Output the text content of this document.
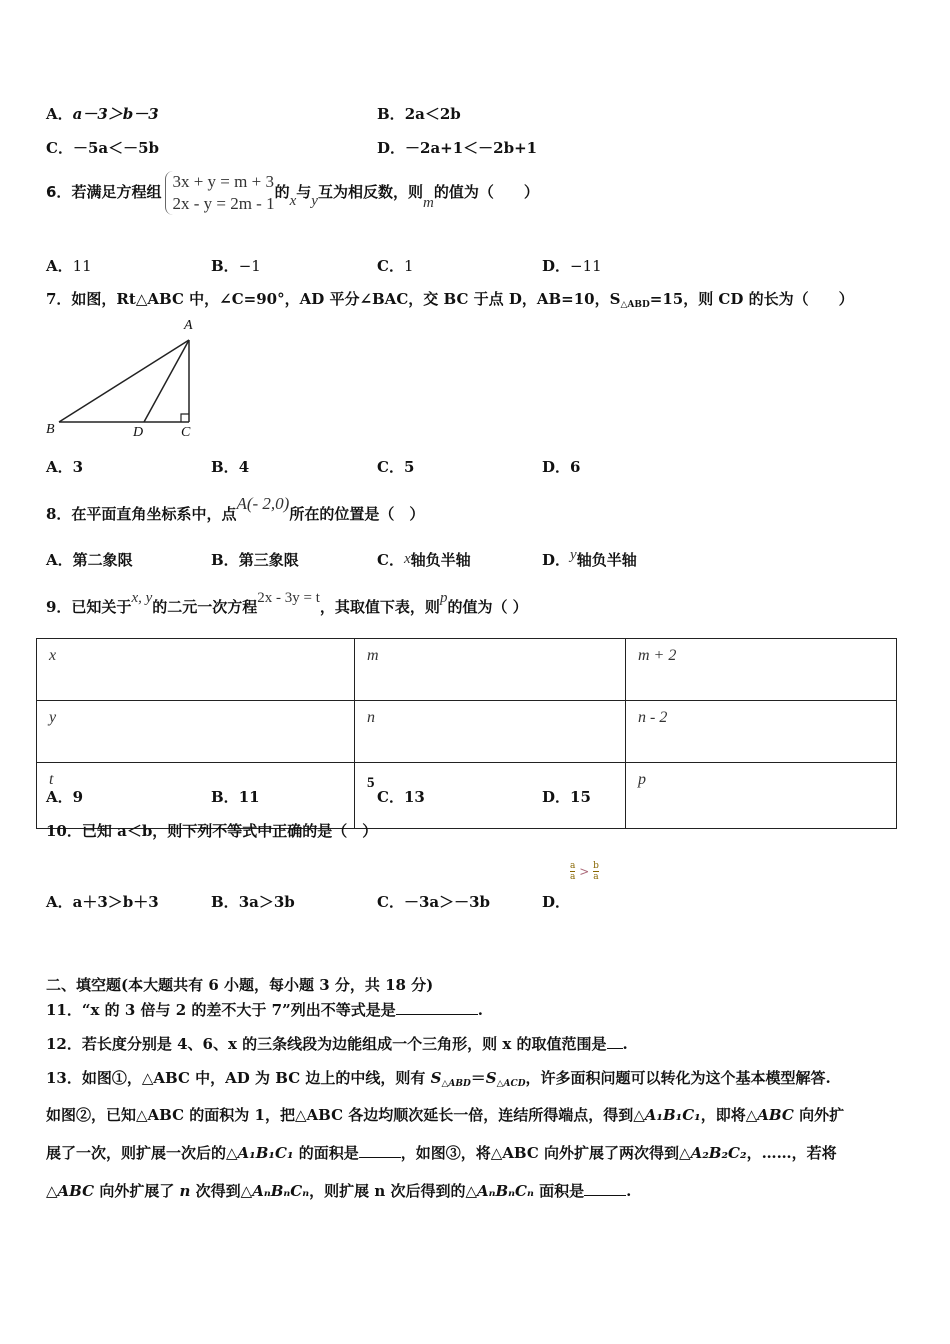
A．a－3＞b－3	B．2a＜2b
C．－5a＜－5b	D．－2a+1＜－2b+1
6．若满足方程组
3x + y = m + 3
2x - y = 2m - 1
的x与y互为相反数，则m的值为（　　）
A．11	B．−1	C．1	D．−11
7．如图，Rt△ABC 中，∠C=90°，AD 平分∠BAC，交 BC 于点 D，AB=10，$S_{\triangle ABD}=15$，则 CD 的长为（　　）
A
B	D	C
A．3	B．4	C．5	D．6
8．在平面直角坐标系中，点A(- 2,0)所在的位置是（　）
A．第二象限	B．第三象限	C．x轴负半轴	D．y轴负半轴
9．已知关于x, y的二元一次方程2x - 3y = t，其取值下表，则p的值为（ ）
x	m	m + 2
y	n	n - 2
t	5	p
A．9	B．11	C．13	D．15
10．已知 a＜b，则下列不等式中正确的是（　）
A．a＋3＞b＋3	B．3a＞3b	C．－3a＞－3b	D．
$\frac{a}{a} > \frac{b}{a}$
二、填空题(本大题共有 6 小题，每小题 3 分，共 18 分)
11．“x 的 3 倍与 2 的差不大于 7”列出不等式是是	.
12．若长度分别是 4、6、x 的三条线段为边能组成一个三角形，则 x 的取值范围是 .
13．如图①，△ABC 中，AD 为 BC 边上的中线，则有 $S_{\triangle ABD}=S_{\triangle ACD}$，许多面积问题可以转化为这个基本模型解答.
如图②，已知△ABC 的面积为 1，把△ABC 各边均顺次延长一倍，连结所得端点，得到△A₁B₁C₁，即将△ABC 向外扩
展了一次，则扩展一次后的△A₁B₁C₁ 的面积是	，如图③，将△ABC 向外扩展了两次得到△A₂B₂C₂，……，若将
△ABC 向外扩展了 n 次得到△AₙBₙCₙ，则扩展 n 次后得到的△AₙBₙCₙ 面积是	.
